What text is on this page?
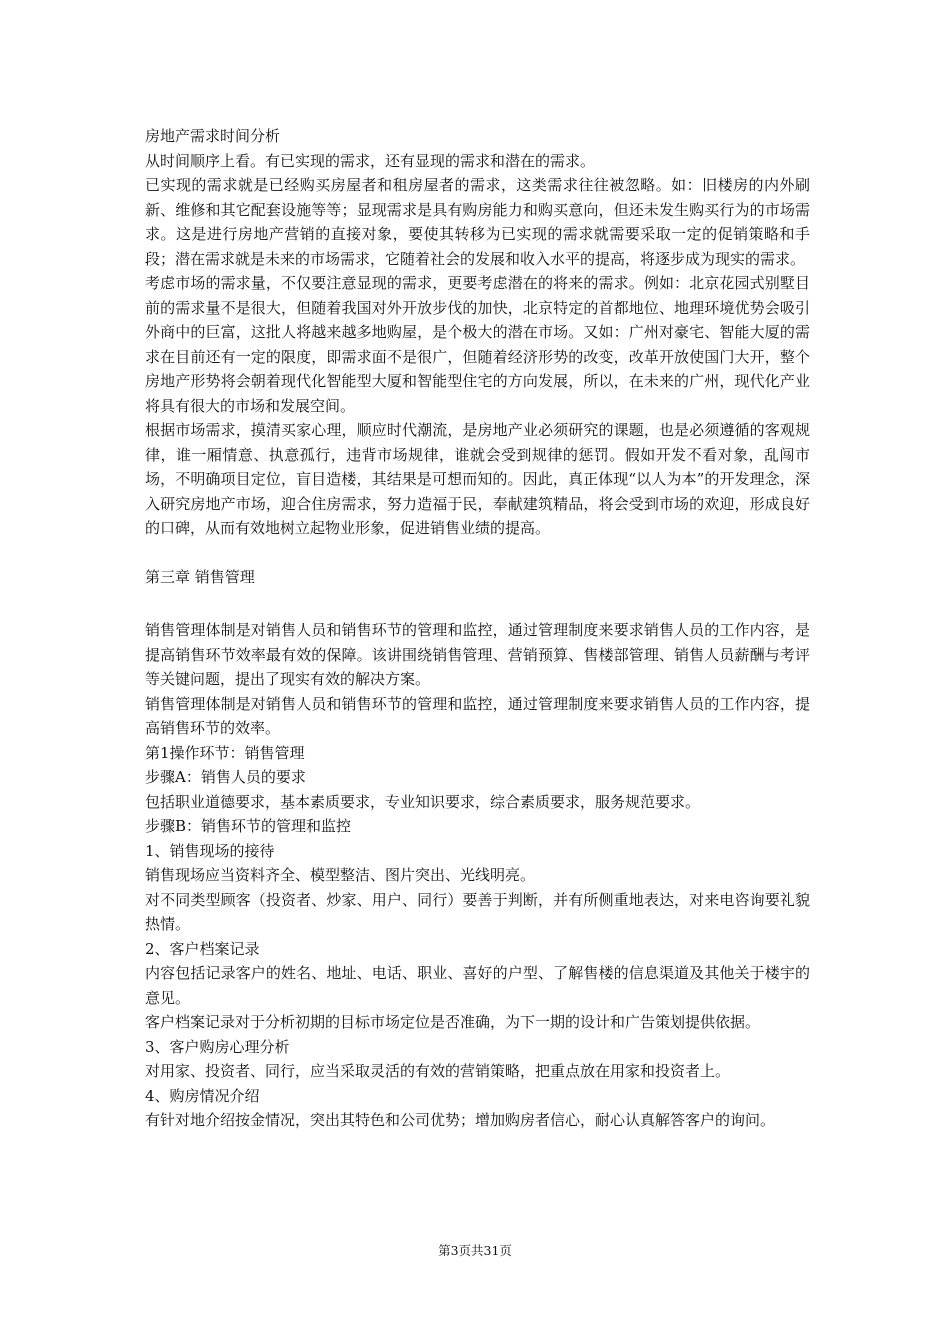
房地产需求时间分析

从时间顺序上看。有已实现的需求，还有显现的需求和潜在的需求。

已实现的需求就是已经购买房屋者和租房屋者的需求，这类需求往往被忽略。如：旧楼房的内外刷新、维修和其它配套设施等等；显现需求是具有购房能力和购买意向，但还未发生购买行为的市场需求。这是进行房地产营销的直接对象，要使其转移为已实现的需求就需要采取一定的促销策略和手段；潜在需求就是未来的市场需求，它随着社会的发展和收入水平的提高，将逐步成为现实的需求。

考虑市场的需求量，不仅要注意显现的需求，更要考虑潜在的将来的需求。例如：北京花园式别墅目前的需求量不是很大，但随着我国对外开放步伐的加快，北京特定的首都地位、地理环境优势会吸引外商中的巨富，这批人将越来越多地购屋，是个极大的潜在市场。又如：广州对豪宅、智能大厦的需求在目前还有一定的限度，即需求面不是很广，但随着经济形势的改变，改革开放使国门大开，整个房地产形势将会朝着现代化智能型大厦和智能型住宅的方向发展，所以，在未来的广州，现代化产业将具有很大的市场和发展空间。

根据市场需求，摸清买家心理，顺应时代潮流，是房地产业必须研究的课题，也是必须遵循的客观规律，谁一厢情意、执意孤行，违背市场规律，谁就会受到规律的惩罚。假如开发不看对象，乱闯市场，不明确项目定位，盲目造楼，其结果是可想而知的。因此，真正体现“以人为本”的开发理念，深入研究房地产市场，迎合住房需求，努力造福于民，奉献建筑精品，将会受到市场的欢迎，形成良好的口碑，从而有效地树立起物业形象，促进销售业绩的提高。

第三章 销售管理

销售管理体制是对销售人员和销售环节的管理和监控，通过管理制度来要求销售人员的工作内容，是提高销售环节效率最有效的保障。该讲围绕销售管理、营销预算、售楼部管理、销售人员薪酬与考评等关键问题，提出了现实有效的解决方案。

销售管理体制是对销售人员和销售环节的管理和监控，通过管理制度来要求销售人员的工作内容，提高销售环节的效率。

第1操作环节：销售管理

步骤A：销售人员的要求

包括职业道德要求，基本素质要求，专业知识要求，综合素质要求，服务规范要求。

步骤B：销售环节的管理和监控

1、销售现场的接待

销售现场应当资料齐全、模型整洁、图片突出、光线明亮。

对不同类型顾客（投资者、炒家、用户、同行）要善于判断，并有所侧重地表达，对来电咨询要礼貌热情。

2、客户档案记录

内容包括记录客户的姓名、地址、电话、职业、喜好的户型、了解售楼的信息渠道及其他关于楼宇的意见。

客户档案记录对于分析初期的目标市场定位是否准确，为下一期的设计和广告策划提供依据。

3、客户购房心理分析

对用家、投资者、同行，应当采取灵活的有效的营销策略，把重点放在用家和投资者上。

4、购房情况介绍

有针对地介绍按金情况，突出其特色和公司优势；增加购房者信心，耐心认真解答客户的询问。

第3页共31页
